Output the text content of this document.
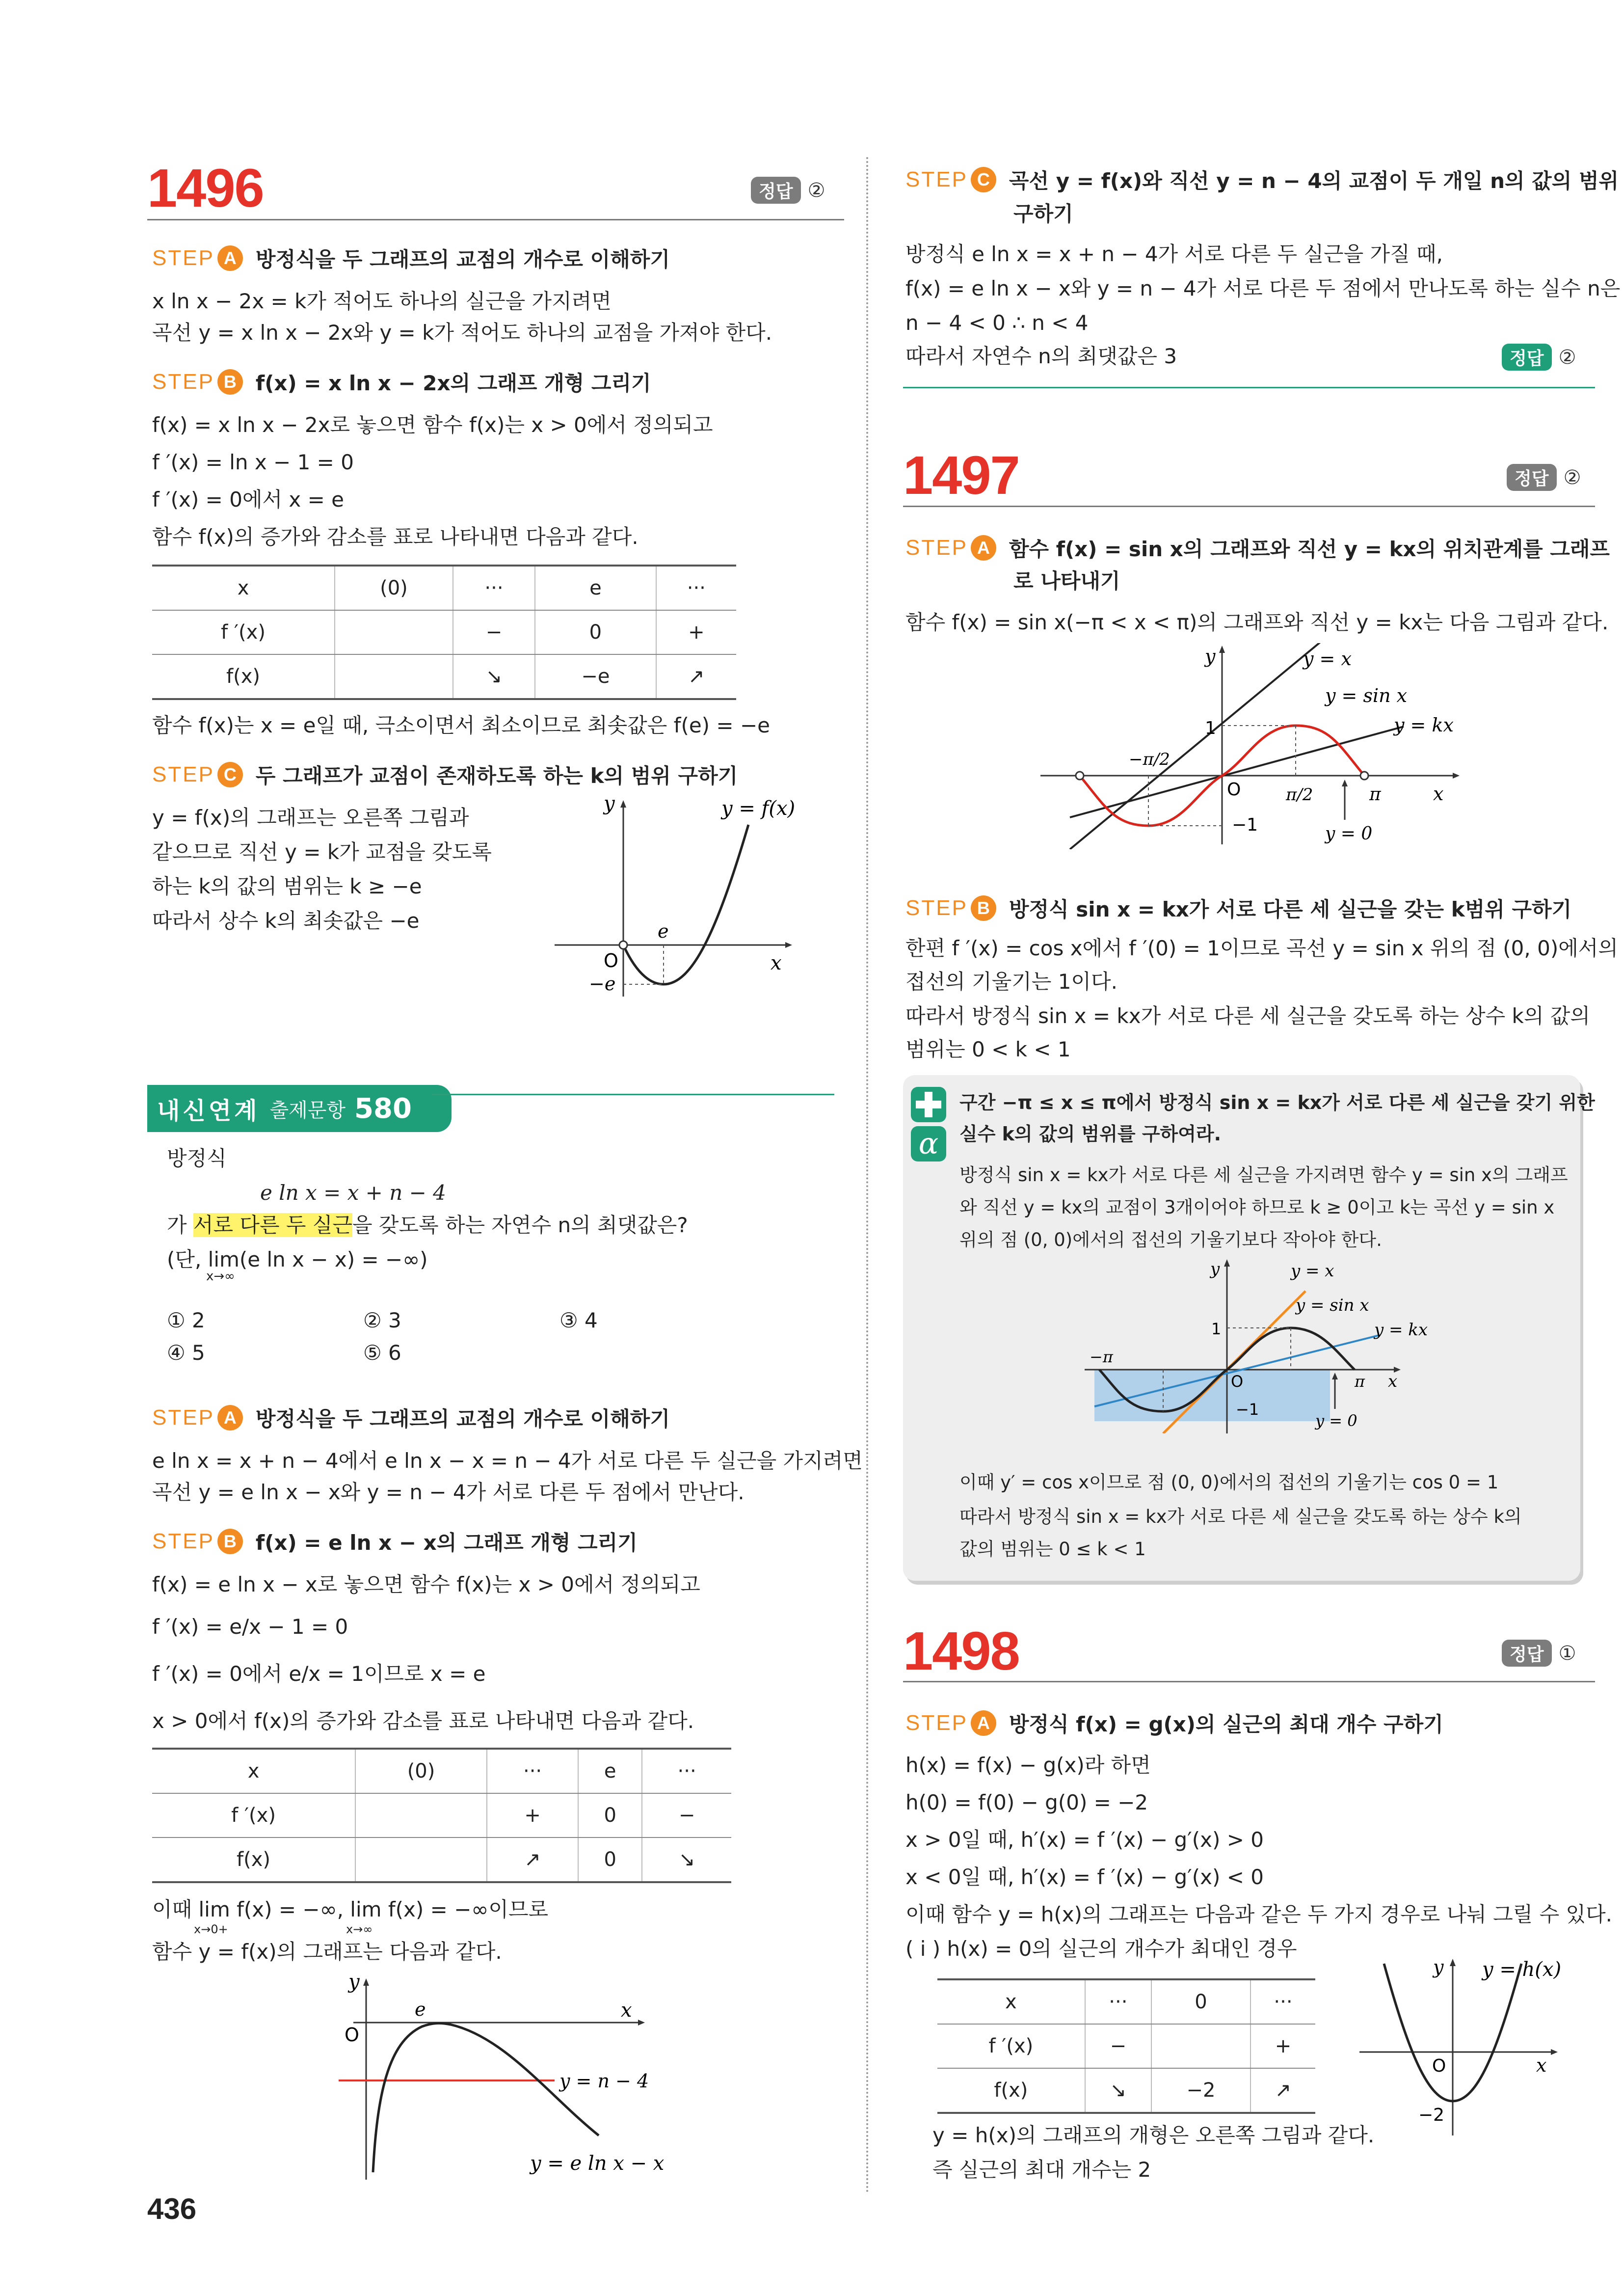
1496	정답 ②
STEP A 방정식을 두 그래프의 교점의 개수로 이해하기
x ln x − 2x = k가 적어도 하나의 실근을 가지려면
곡선 y = x ln x − 2x와 y = k가 적어도 하나의 교점을 가져야 한다.
STEP B f(x) = x ln x − 2x의 그래프 개형 그리기
f(x) = x ln x − 2x로 놓으면 함수 f(x)는 x > 0에서 정의되고
f ′(x) = ln x − 1 = 0
f ′(x) = 0에서 x = e
함수 f(x)의 증가와 감소를 표로 나타내면 다음과 같다.
x	(0)	···	e	···
f ′(x)		−	0	+
f(x)		↘	−e	↗
함수 f(x)는 x = e일 때, 극소이면서 최소이므로 최솟값은 f(e) = −e
STEP C 두 그래프가 교점이 존재하도록 하는 k의 범위 구하기
y = f(x)의 그래프는 오른쪽 그림과
같으므로 직선 y = k가 교점을 갖도록
하는 k의 값의 범위는 k ≥ −e
따라서 상수 k의 최솟값은 −e
y
x
O
e
−e
y = f(x)
내신연계 출제문항 580
방정식
e ln x = x + n − 4
가 서로 다른 두 실근을 갖도록 하는 자연수 n의 최댓값은?
(단, lim(e ln x − x) = −∞)
x→∞
① 2	② 3	③ 4
④ 5	⑤ 6
STEP A 방정식을 두 그래프의 교점의 개수로 이해하기
e ln x = x + n − 4에서 e ln x − x = n − 4가 서로 다른 두 실근을 가지려면
곡선 y = e ln x − x와 y = n − 4가 서로 다른 두 점에서 만난다.
STEP B f(x) = e ln x − x의 그래프 개형 그리기
f(x) = e ln x − x로 놓으면 함수 f(x)는 x > 0에서 정의되고
f ′(x) = e/x − 1 = 0
f ′(x) = 0에서 e/x = 1이므로 x = e
x > 0에서 f(x)의 증가와 감소를 표로 나타내면 다음과 같다.
x	(0)	···	e	···
f ′(x)		+	0	−
f(x)		↗	0	↘
이때 lim f(x) = −∞, lim f(x) = −∞이므로
x→0+	x→∞
함수 y = f(x)의 그래프는 다음과 같다.
y
x
O
e
y = n − 4
y = e ln x − x
436
STEP C 곡선 y = f(x)와 직선 y = n − 4의 교점이 두 개일 n의 값의 범위
구하기
방정식 e ln x = x + n − 4가 서로 다른 두 실근을 가질 때,
f(x) = e ln x − x와 y = n − 4가 서로 다른 두 점에서 만나도록 하는 실수 n은
n − 4 < 0 ∴ n < 4
따라서 자연수 n의 최댓값은 3	정답 ②
1497	정답 ②
STEP A 함수 f(x) = sin x의 그래프와 직선 y = kx의 위치관계를 그래프
로 나타내기
함수 f(x) = sin x(−π < x < π)의 그래프와 직선 y = kx는 다음 그림과 같다.
y	y = x
y = sin x
y = kx
1
−1
O
−π/2
π/2	π	x
y = 0
STEP B 방정식 sin x = kx가 서로 다른 세 실근을 갖는 k범위 구하기
한편 f ′(x) = cos x에서 f ′(0) = 1이므로 곡선 y = sin x 위의 점 (0, 0)에서의
접선의 기울기는 1이다.
따라서 방정식 sin x = kx가 서로 다른 세 실근을 갖도록 하는 상수 k의 값의
범위는 0 < k < 1
α
구간 −π ≤ x ≤ π에서 방정식 sin x = kx가 서로 다른 세 실근을 갖기 위한
실수 k의 값의 범위를 구하여라.
방정식 sin x = kx가 서로 다른 세 실근을 가지려면 함수 y = sin x의 그래프
와 직선 y = kx의 교점이 3개이어야 하므로 k ≥ 0이고 k는 곡선 y = sin x
위의 점 (0, 0)에서의 접선의 기울기보다 작아야 한다.
y	y = x
y = sin x
y = kx
1
−1
O
−π
π x
y = 0
이때 y′ = cos x이므로 점 (0, 0)에서의 접선의 기울기는 cos 0 = 1
따라서 방정식 sin x = kx가 서로 다른 세 실근을 갖도록 하는 상수 k의
값의 범위는 0 ≤ k < 1
1498	정답 ①
STEP A 방정식 f(x) = g(x)의 실근의 최대 개수 구하기
h(x) = f(x) − g(x)라 하면
h(0) = f(0) − g(0) = −2
x > 0일 때, h′(x) = f ′(x) − g′(x) > 0
x < 0일 때, h′(x) = f ′(x) − g′(x) < 0
이때 함수 y = h(x)의 그래프는 다음과 같은 두 가지 경우로 나눠 그릴 수 있다.
( i ) h(x) = 0의 실근의 개수가 최대인 경우
x	···	0	···
f ′(x)	−		+
f(x)	↘	−2	↗
y = h(x)의 그래프의 개형은 오른쪽 그림과 같다.
즉 실근의 최대 개수는 2
y y = h(x)
O	x
−2
